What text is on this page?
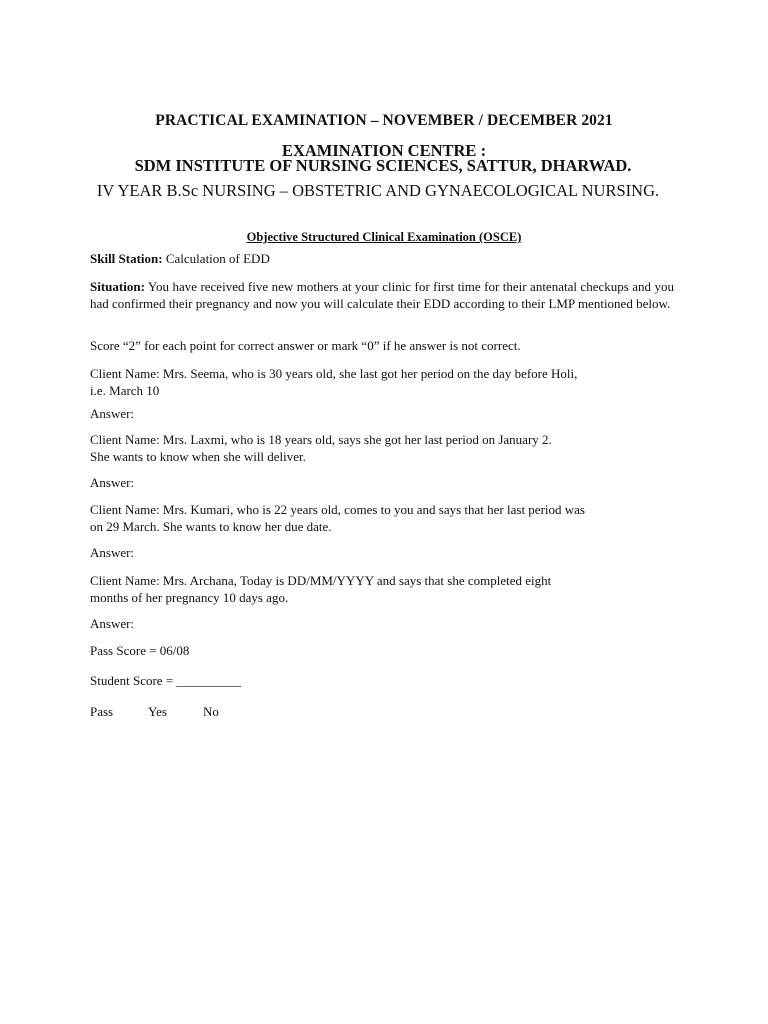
PRACTICAL EXAMINATION – NOVEMBER / DECEMBER 2021
EXAMINATION CENTRE :
SDM INSTITUTE OF NURSING SCIENCES, SATTUR, DHARWAD.
IV YEAR B.Sc NURSING – OBSTETRIC AND GYNAECOLOGICAL NURSING.
Objective Structured Clinical Examination (OSCE)
Skill Station: Calculation of EDD
Situation: You have received five new mothers at your clinic for first time for their antenatal checkups and you had confirmed their pregnancy and now you will calculate their EDD according to their LMP mentioned below.
Score “2” for each point for correct answer or mark “0” if he answer is not correct.
Client Name: Mrs. Seema, who is 30 years old, she last got her period on the day before Holi,
i.e. March 10
Answer:
Client Name: Mrs. Laxmi, who is 18 years old, says she got her last period on January 2.
She wants to know when she will deliver.
Answer:
Client Name: Mrs. Kumari, who is 22 years old, comes to you and says that her last period was
on 29 March. She wants to know her due date.
Answer:
Client Name: Mrs. Archana, Today is DD/MM/YYYY and says that she completed eight
months of her pregnancy 10 days ago.
Answer:
Pass Score = 06/08
Student Score = __________
Pass	Yes	No
